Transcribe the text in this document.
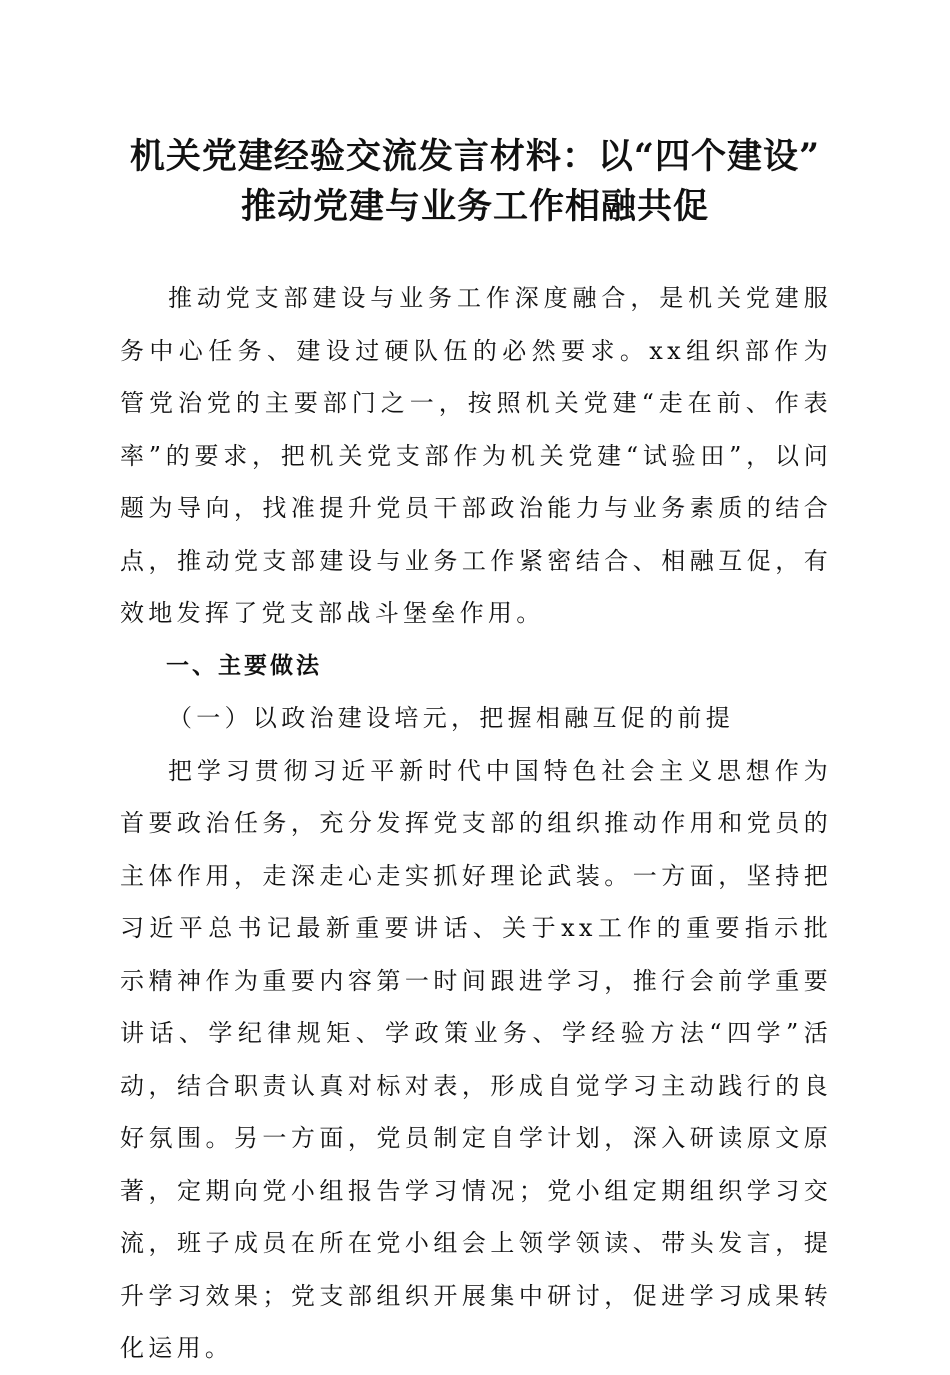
机关党建经验交流发言材料：以“四个建设”
推动党建与业务工作相融共促

推动党支部建设与业务工作深度融合，是机关党建服务中心任务、建设过硬队伍的必然要求。xx组织部作为管党治党的主要部门之一，按照机关党建“走在前、作表率”的要求，把机关党支部作为机关党建“试验田”，以问题为导向，找准提升党员干部政治能力与业务素质的结合点，推动党支部建设与业务工作紧密结合、相融互促，有效地发挥了党支部战斗堡垒作用。

一、主要做法

（一）以政治建设培元，把握相融互促的前提

把学习贯彻习近平新时代中国特色社会主义思想作为首要政治任务，充分发挥党支部的组织推动作用和党员的主体作用，走深走心走实抓好理论武装。一方面，坚持把习近平总书记最新重要讲话、关于xx工作的重要指示批示精神作为重要内容第一时间跟进学习，推行会前学重要讲话、学纪律规矩、学政策业务、学经验方法“四学”活动，结合职责认真对标对表，形成自觉学习主动践行的良好氛围。另一方面，党员制定自学计划，深入研读原文原著，定期向党小组报告学习情况；党小组定期组织学习交流，班子成员在所在党小组会上领学领读、带头发言，提升学习效果；党支部组织开展集中研讨，促进学习成果转化运用。
